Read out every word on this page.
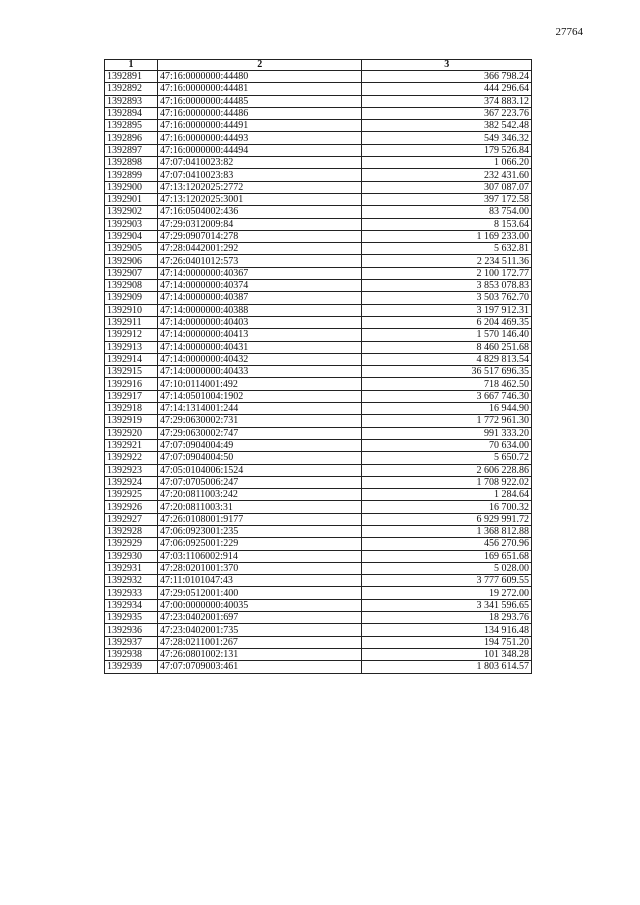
27764
1	2	3
1392891	47:16:0000000:44480	366 798.24
1392892	47:16:0000000:44481	444 296.64
1392893	47:16:0000000:44485	374 883.12
1392894	47:16:0000000:44486	367 223.76
1392895	47:16:0000000:44491	382 542.48
1392896	47:16:0000000:44493	549 346.32
1392897	47:16:0000000:44494	179 526.84
1392898	47:07:0410023:82	1 066.20
1392899	47:07:0410023:83	232 431.60
1392900	47:13:1202025:2772	307 087.07
1392901	47:13:1202025:3001	397 172.58
1392902	47:16:0504002:436	83 754.00
1392903	47:29:0312009:84	8 153.64
1392904	47:29:0907014:278	1 169 233.00
1392905	47:28:0442001:292	5 632.81
1392906	47:26:0401012:573	2 234 511.36
1392907	47:14:0000000:40367	2 100 172.77
1392908	47:14:0000000:40374	3 853 078.83
1392909	47:14:0000000:40387	3 503 762.70
1392910	47:14:0000000:40388	3 197 912.31
1392911	47:14:0000000:40403	6 204 469.35
1392912	47:14:0000000:40413	1 570 146.40
1392913	47:14:0000000:40431	8 460 251.68
1392914	47:14:0000000:40432	4 829 813.54
1392915	47:14:0000000:40433	36 517 696.35
1392916	47:10:0114001:492	718 462.50
1392917	47:14:0501004:1902	3 667 746.30
1392918	47:14:1314001:244	16 944.90
1392919	47:29:0630002:731	1 772 961.30
1392920	47:29:0630002:747	991 333.20
1392921	47:07:0904004:49	70 634.00
1392922	47:07:0904004:50	5 650.72
1392923	47:05:0104006:1524	2 606 228.86
1392924	47:07:0705006:247	1 708 922.02
1392925	47:20:0811003:242	1 284.64
1392926	47:20:0811003:31	16 700.32
1392927	47:26:0108001:9177	6 929 991.72
1392928	47:06:0923001:235	1 368 812.88
1392929	47:06:0925001:229	456 270.96
1392930	47:03:1106002:914	169 651.68
1392931	47:28:0201001:370	5 028.00
1392932	47:11:0101047:43	3 777 609.55
1392933	47:29:0512001:400	19 272.00
1392934	47:00:0000000:40035	3 341 596.65
1392935	47:23:0402001:697	18 293.76
1392936	47:23:0402001:735	134 916.48
1392937	47:28:0211001:267	194 751.20
1392938	47:26:0801002:131	101 348.28
1392939	47:07:0709003:461	1 803 614.57
